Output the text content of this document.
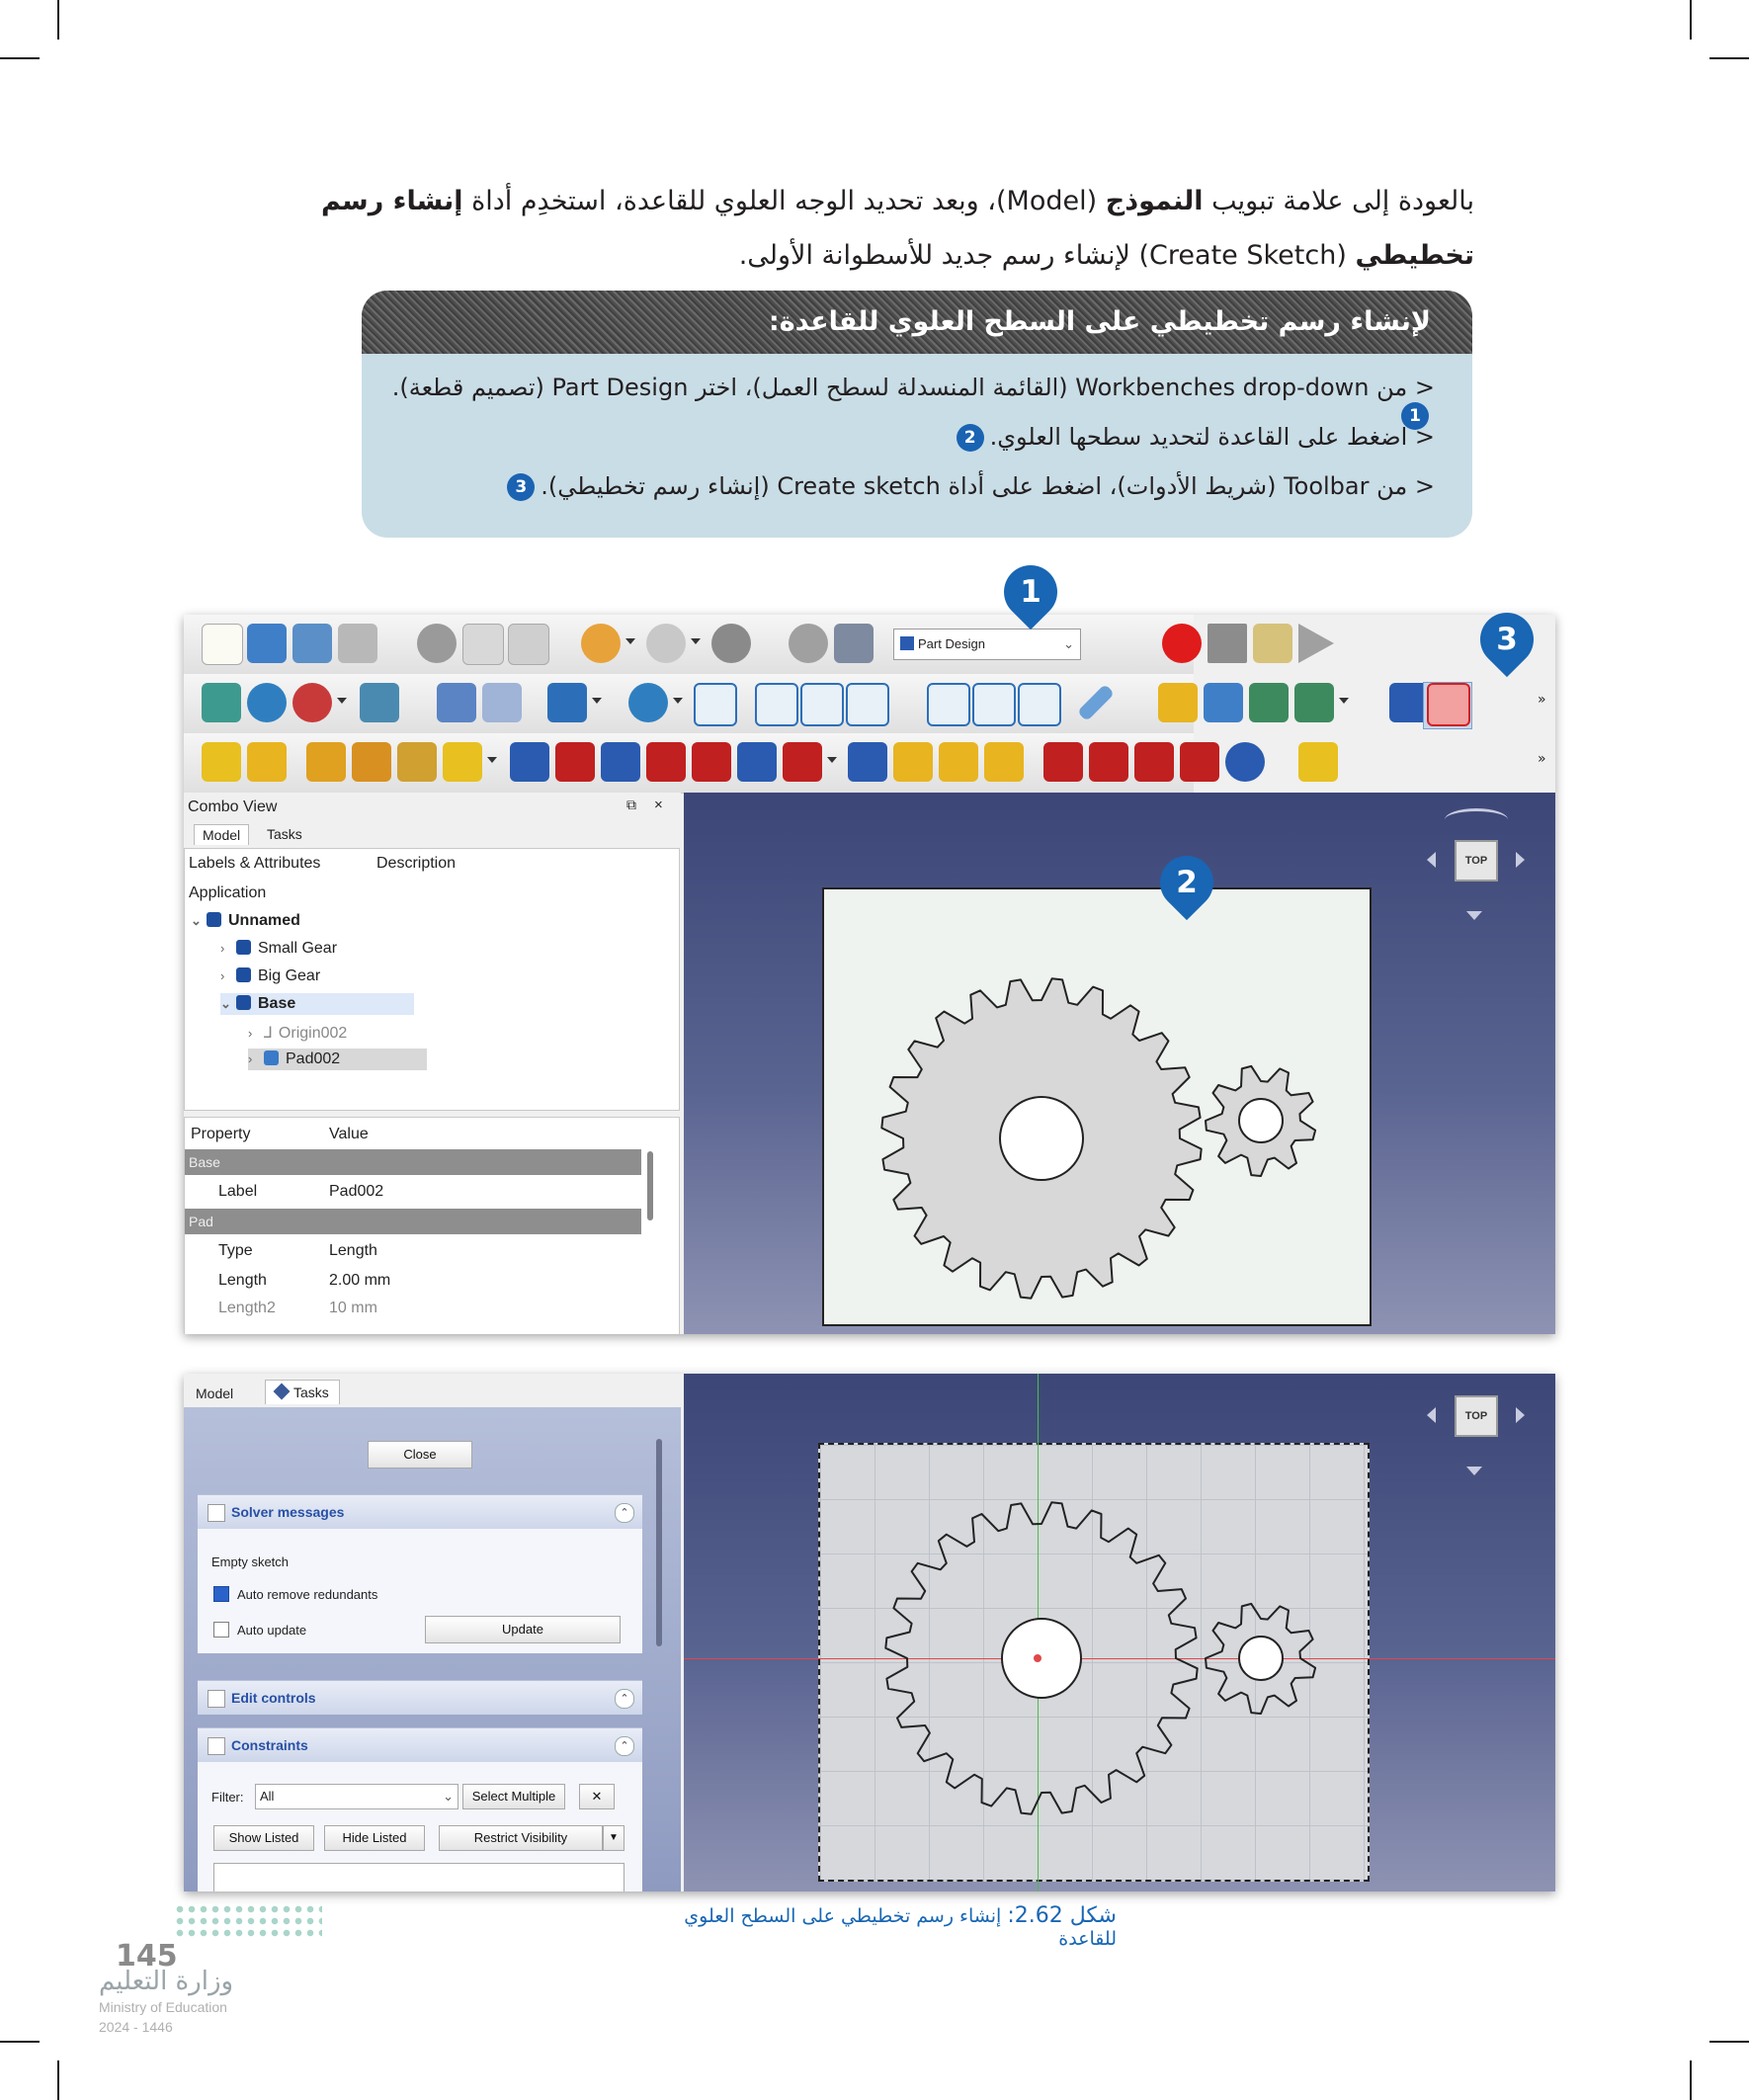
بالعودة إلى علامة تبويب النموذج (Model)، وبعد تحديد الوجه العلوي للقاعدة، استخدِم أداة إنشاء رسم تخطيطي (Create Sketch) لإنشاء رسم جديد للأسطوانة الأولى.
لإنشاء رسم تخطيطي على السطح العلوي للقاعدة:
< من Workbenches drop-down (القائمة المنسدلة لسطح العمل)، اختر Part Design (تصميم قطعة).1
< اضغط على القاعدة لتحديد سطحها العلوي.2
< من Toolbar (شريط الأدوات)، اضغط على أداة Create sketch (إنشاء رسم تخطيطي).3
Part Design	⌄
»
»
Combo View	⧉ ×
Model	Tasks
Labels & Attributes	Description
Application
⌄ Unnamed
› Small Gear
› Big Gear
⌄ Base
› ⅃ Origin002
› Pad002
Property	Value
Base
Label	Pad002
Pad
Type	Length
Length	2.00 mm
Length2	10 mm
TOP
Model	Tasks
Close
Solver messages	⌃
Empty sketch
Auto remove redundants
Auto update	Update
Edit controls	⌃
Constraints	⌃
Filter:	All	⌄	Select Multiple	✕
Show Listed	Hide Listed	Restrict Visibility	▼
TOP
1
2
3
شكل 2.62: إنشاء رسم تخطيطي على السطح العلوي للقاعدة
145
وزارة التعليم
Ministry of Education
2024 - 1446
